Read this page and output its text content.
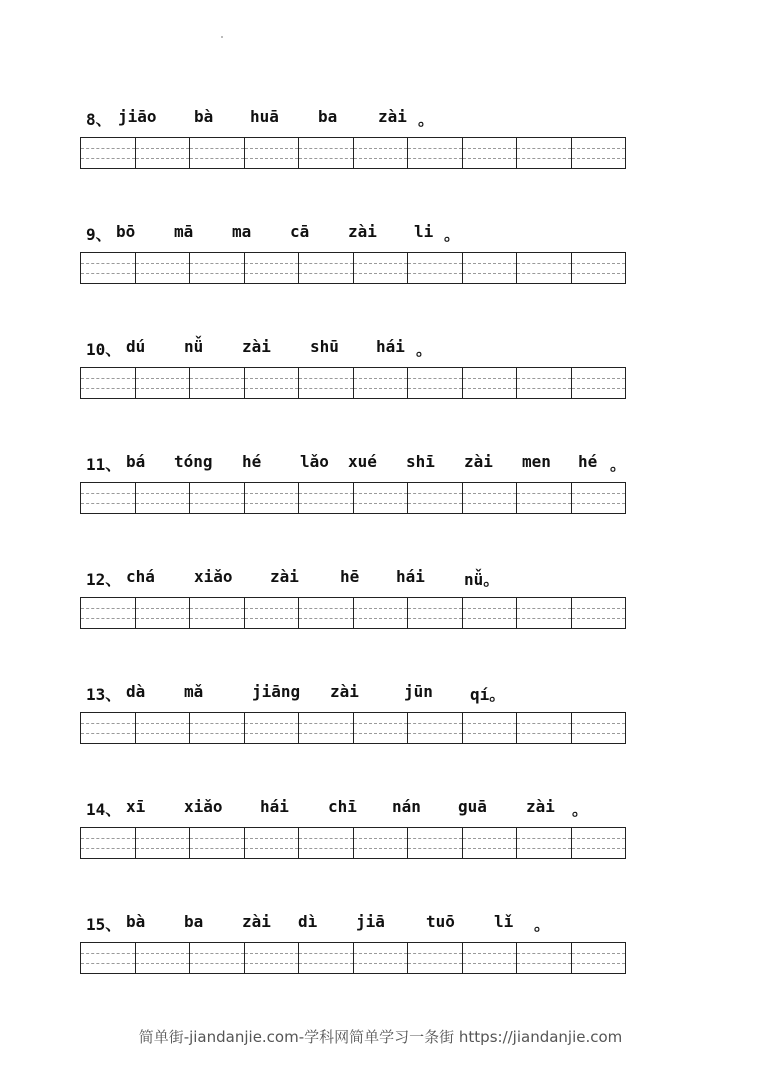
8、 jiāo bà huā ba	zài 。
9、 bō mā ma cā zài li 。
10、 dú nǚ zài shū hái 。
11、 bá tóng hé lǎo xué shī zài men hé 。
12、 chá xiǎo zài	hē hái nǚ。
13、 dà mǎ	jiāng zài	jūn qí。
14、 xī xiǎo hái chī nán guā zài 。
15、 bà ba zài dì jiā	tuō lǐ 。
简单街-jiandanjie.com-学科网简单学习一条街 https://jiandanjie.com
